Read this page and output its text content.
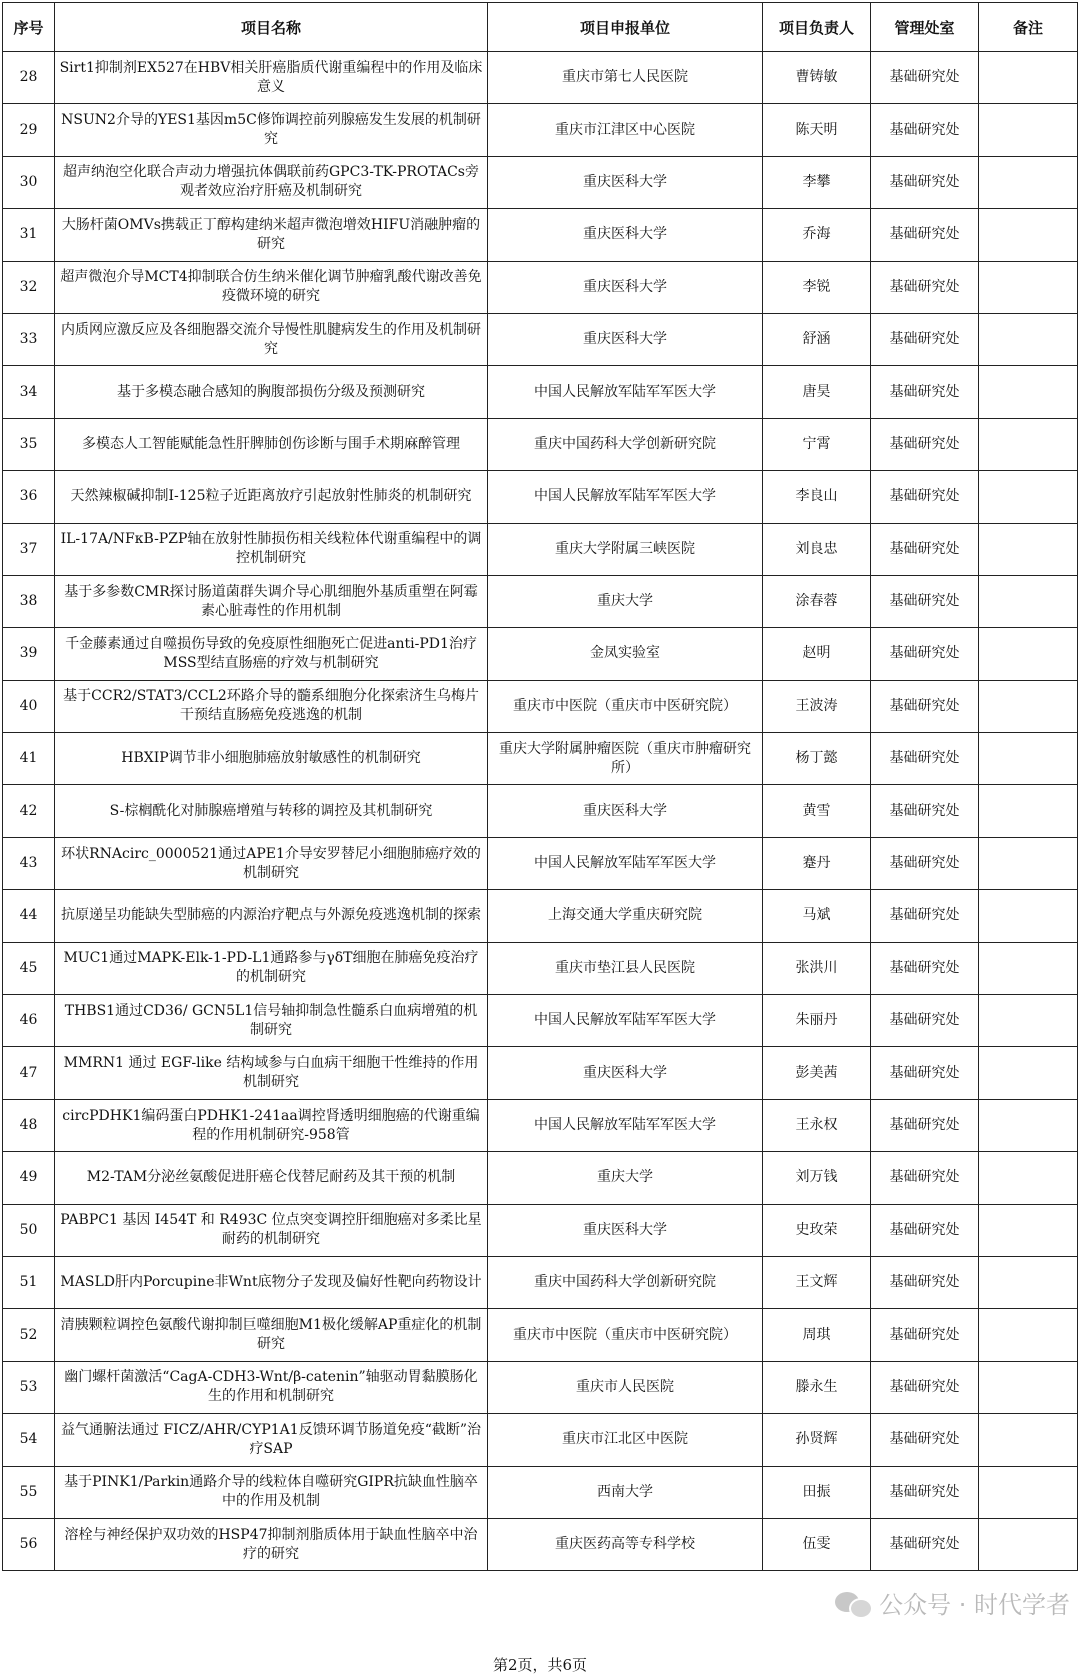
序号	项目名称	项目申报单位	项目负责人	管理处室	备注
28	Sirt1抑制剂EX527在HBV相关肝癌脂质代谢重编程中的作用及临床意义	重庆市第七人民医院	曹铸敏	基础研究处	
29	NSUN2介导的YES1基因m5C修饰调控前列腺癌发生发展的机制研究	重庆市江津区中心医院	陈天明	基础研究处	
30	超声纳泡空化联合声动力增强抗体偶联前药GPC3-TK-PROTACs旁观者效应治疗肝癌及机制研究	重庆医科大学	李攀	基础研究处	
31	大肠杆菌OMVs携载正丁醇构建纳米超声微泡增效HIFU消融肿瘤的研究	重庆医科大学	乔海	基础研究处	
32	超声微泡介导MCT4抑制联合仿生纳米催化调节肿瘤乳酸代谢改善免疫微环境的研究	重庆医科大学	李锐	基础研究处	
33	内质网应激反应及各细胞器交流介导慢性肌腱病发生的作用及机制研究	重庆医科大学	舒涵	基础研究处	
34	基于多模态融合感知的胸腹部损伤分级及预测研究	中国人民解放军陆军军医大学	唐昊	基础研究处	
35	多模态人工智能赋能急性肝脾肺创伤诊断与围手术期麻醉管理	重庆中国药科大学创新研究院	宁霄	基础研究处	
36	天然辣椒碱抑制I-125粒子近距离放疗引起放射性肺炎的机制研究	中国人民解放军陆军军医大学	李良山	基础研究处	
37	IL-17A/NFκB-PZP轴在放射性肺损伤相关线粒体代谢重编程中的调控机制研究	重庆大学附属三峡医院	刘良忠	基础研究处	
38	基于多参数CMR探讨肠道菌群失调介导心肌细胞外基质重塑在阿霉素心脏毒性的作用机制	重庆大学	涂春蓉	基础研究处	
39	千金藤素通过自噬损伤导致的免疫原性细胞死亡促进anti-PD1治疗MSS型结直肠癌的疗效与机制研究	金凤实验室	赵明	基础研究处	
40	基于CCR2/STAT3/CCL2环路介导的髓系细胞分化探索济生乌梅片干预结直肠癌免疫逃逸的机制	重庆市中医院（重庆市中医研究院）	王波涛	基础研究处	
41	HBXIP调节非小细胞肺癌放射敏感性的机制研究	重庆大学附属肿瘤医院（重庆市肿瘤研究所）	杨丁懿	基础研究处	
42	S-棕榈酰化对肺腺癌增殖与转移的调控及其机制研究	重庆医科大学	黄雪	基础研究处	
43	环状RNAcirc_0000521通过APE1介导安罗替尼小细胞肺癌疗效的机制研究	中国人民解放军陆军军医大学	蹇丹	基础研究处	
44	抗原递呈功能缺失型肺癌的内源治疗靶点与外源免疫逃逸机制的探索	上海交通大学重庆研究院	马斌	基础研究处	
45	MUC1通过MAPK-Elk-1-PD-L1通路参与γδT细胞在肺癌免疫治疗的机制研究	重庆市垫江县人民医院	张洪川	基础研究处	
46	THBS1通过CD36/ GCN5L1信号轴抑制急性髓系白血病增殖的机制研究	中国人民解放军陆军军医大学	朱丽丹	基础研究处	
47	MMRN1 通过 EGF-like 结构域参与白血病干细胞干性维持的作用机制研究	重庆医科大学	彭美茜	基础研究处	
48	circPDHK1编码蛋白PDHK1-241aa调控肾透明细胞癌的代谢重编程的作用机制研究-958管	中国人民解放军陆军军医大学	王永权	基础研究处	
49	M2-TAM分泌丝氨酸促进肝癌仑伐替尼耐药及其干预的机制	重庆大学	刘万钱	基础研究处	
50	PABPC1 基因 I454T 和 R493C 位点突变调控肝细胞癌对多柔比星耐药的机制研究	重庆医科大学	史玫荣	基础研究处	
51	MASLD肝内Porcupine非Wnt底物分子发现及偏好性靶向药物设计	重庆中国药科大学创新研究院	王文辉	基础研究处	
52	清胰颗粒调控色氨酸代谢抑制巨噬细胞M1极化缓解AP重症化的机制研究	重庆市中医院（重庆市中医研究院）	周琪	基础研究处	
53	幽门螺杆菌激活“CagA-CDH3-Wnt/β-catenin”轴驱动胃黏膜肠化生的作用和机制研究	重庆市人民医院	滕永生	基础研究处	
54	益气通腑法通过 FICZ/AHR/CYP1A1反馈环调节肠道免疫“截断”治疗SAP	重庆市江北区中医院	孙贤辉	基础研究处	
55	基于PINK1/Parkin通路介导的线粒体自噬研究GIPR抗缺血性脑卒中的作用及机制	西南大学	田振	基础研究处	
56	溶栓与神经保护双功效的HSP47抑制剂脂质体用于缺血性脑卒中治疗的研究	重庆医药高等专科学校	伍雯	基础研究处	
公众号 · 时代学者
第2页，共6页
